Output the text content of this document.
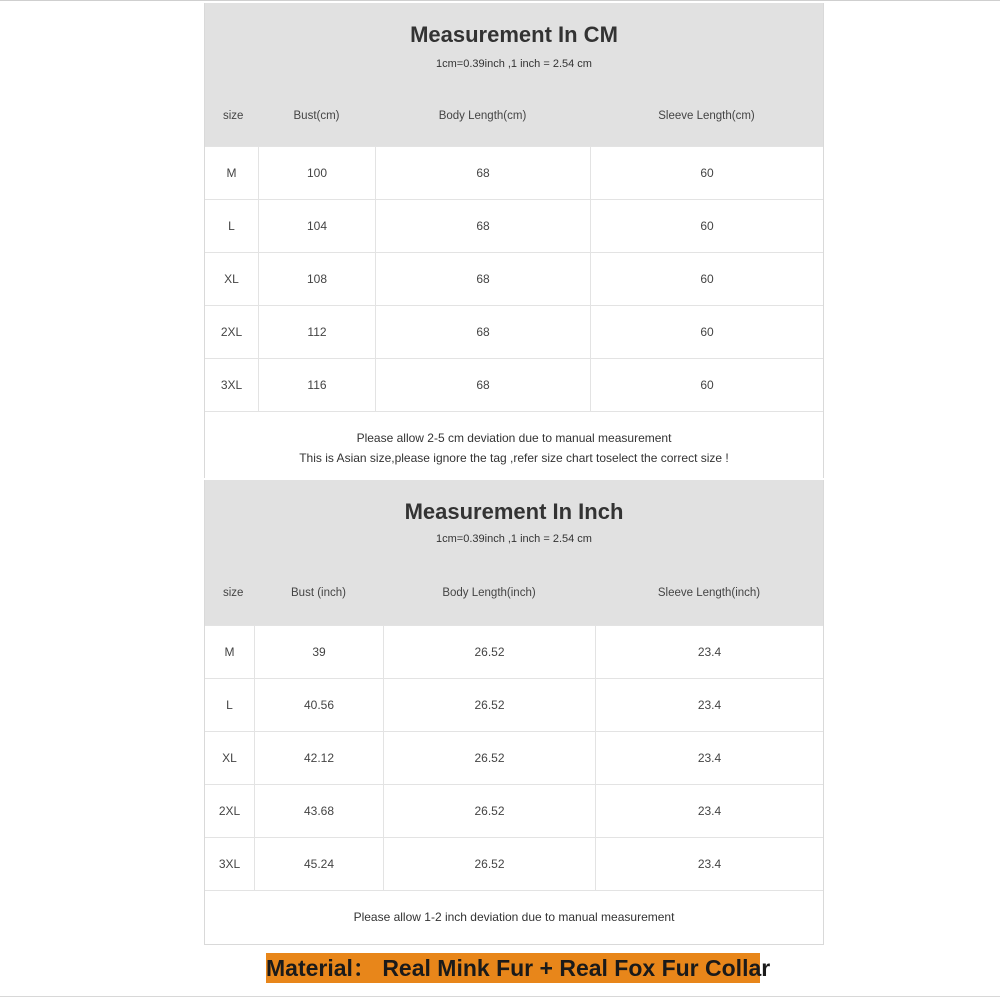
Measurement In CM
1cm=0.39inch ,1 inch = 2.54 cm
size	Bust(cm)	Body Length(cm)	Sleeve Length(cm)
M	100	68	60
L	104	68	60
XL	108	68	60
2XL	112	68	60
3XL	116	68	60
Please allow 2-5 cm deviation due to manual measurement
This is Asian size,please ignore the tag ,refer size chart toselect the correct size !
Measurement In Inch
1cm=0.39inch ,1 inch = 2.54 cm
size	Bust (inch)	Body Length(inch)	Sleeve Length(inch)
M	39	26.52	23.4
L	40.56	26.52	23.4
XL	42.12	26.52	23.4
2XL	43.68	26.52	23.4
3XL	45.24	26.52	23.4
Please allow 1-2 inch deviation due to manual measurement
Material： Real Mink Fur + Real Fox Fur Collar
